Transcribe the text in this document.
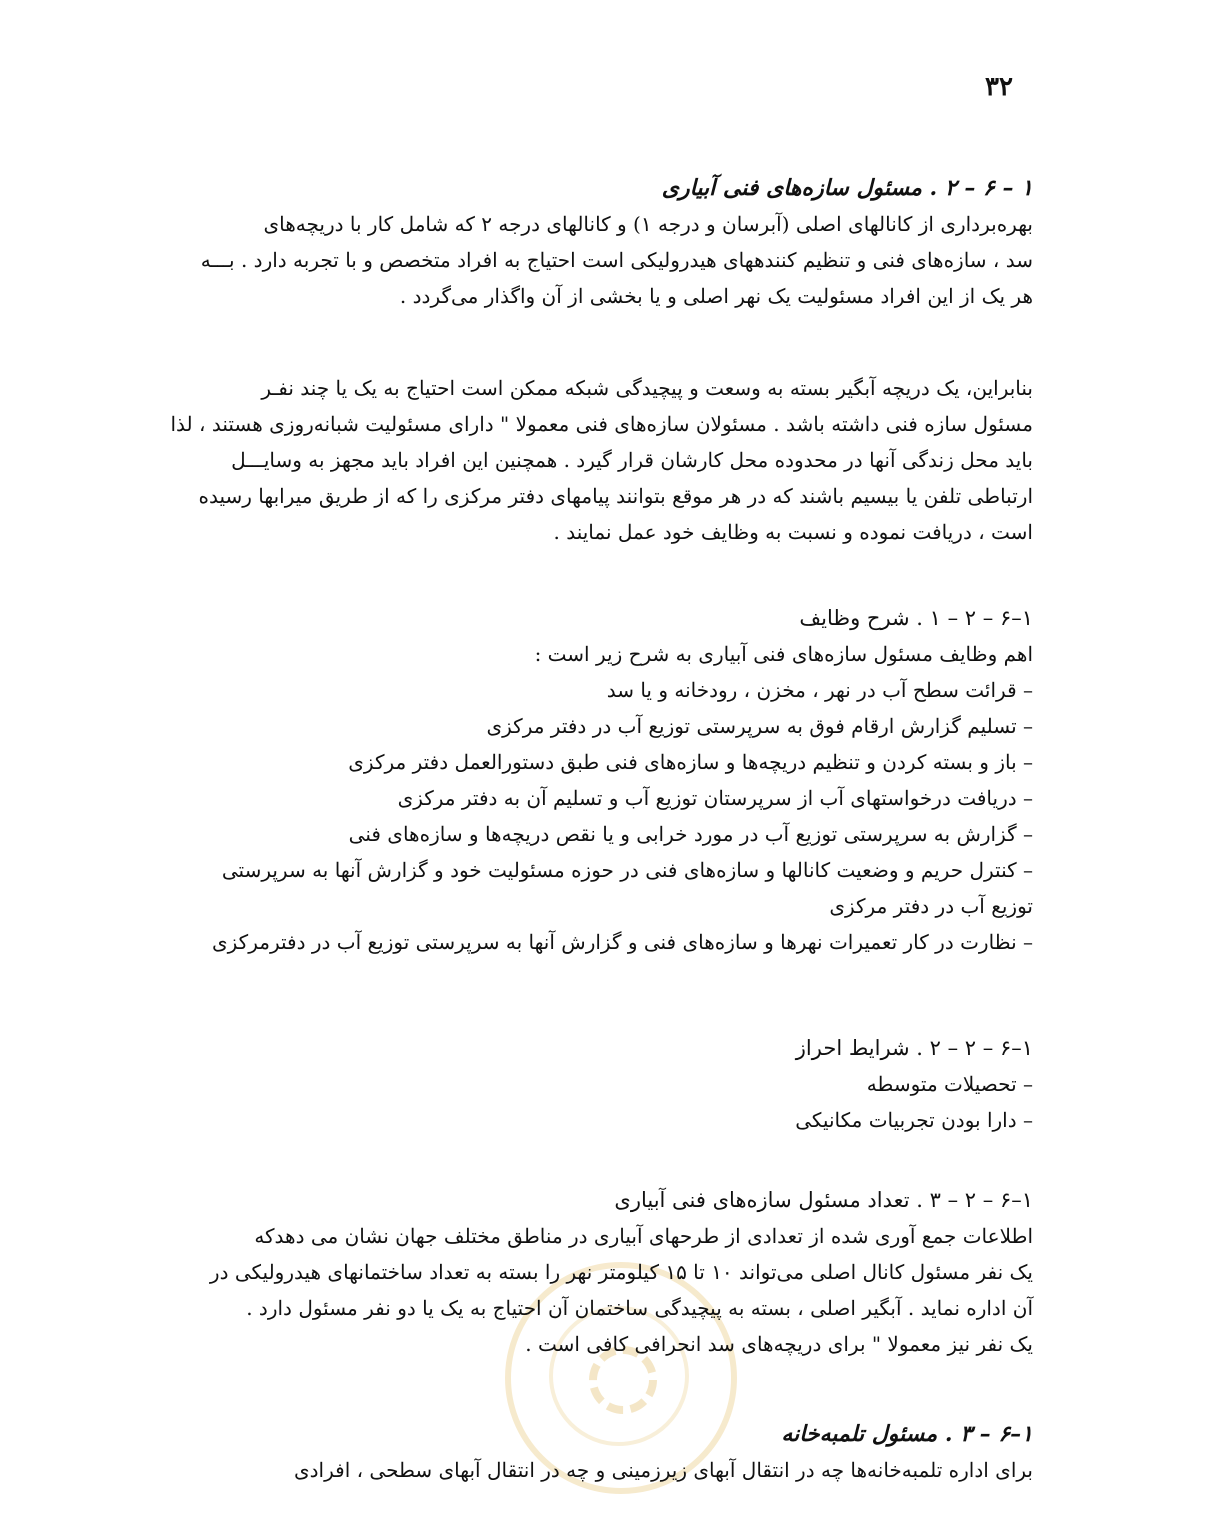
۳۲
۱ – ۶ – ۲ . مسئول سازه‌های فنی آبیاری
بهره‌برداری از کانالهای اصلی (آبرسان و درجه ۱) و کانالهای درجه ۲ که شامل کار با دریچه‌های
سد ، سازه‌های فنی و تنظیم کنندههای هیدرولیکی است احتیاج به افراد متخصص و با تجربه دارد . بـــه
هر یک از این افراد مسئولیت یک نهر اصلی و یا بخشی از آن واگذار می‌گردد .
بنابراین، یک دریچه آبگیر بسته به وسعت و پیچیدگی شبکه ممکن است احتیاج به یک یا چند نفـر
مسئول سازه فنی داشته باشد . مسئولان سازه‌های فنی معمولا " دارای مسئولیت شبانه‌روزی هستند ، لذا
باید محل زندگی آنها در محدوده محل کارشان قرار گیرد . همچنین این افراد باید مجهز به وسایـــل
ارتباطی تلفن یا بیسیم باشند که در هر موقع بتوانند پیامهای دفتر مرکزی را که از طریق میرابها رسیده
است ، دریافت نموده و نسبت به وظایف خود عمل نمایند .
۱–۶ – ۲ – ۱ . شرح وظایف
اهم وظایف مسئول سازه‌های فنی آبیاری به شرح زیر است :
– قرائت سطح آب در نهر ، مخزن ، رودخانه و یا سد
– تسلیم گزارش ارقام فوق به سرپرستی توزیع آب در دفتر مرکزی
– باز و بسته کردن و تنظیم دریچه‌ها و سازه‌های فنی طبق دستورالعمل دفتر مرکزی
– دریافت درخواستهای آب از سرپرستان توزیع آب و تسلیم آن به دفتر مرکزی
– گزارش به سرپرستی توزیع آب در مورد خرابی و یا نقص دریچه‌ها و سازه‌های فنی
– کنترل حریم و وضعیت کانالها و سازه‌های فنی در حوزه مسئولیت خود و گزارش آنها به سرپرستی
توزیع آب در دفتر مرکزی
– نظارت در کار تعمیرات نهرها و سازه‌های فنی و گزارش آنها به سرپرستی توزیع آب در دفترمرکزی
۱–۶ – ۲ – ۲ . شرایط احراز
– تحصیلات متوسطه
– دارا بودن تجربیات مکانیکی
۱–۶ – ۲ – ۳ . تعداد مسئول سازه‌های فنی آبیاری
اطلاعات جمع آوری شده از تعدادی از طرحهای آبیاری در مناطق مختلف جهان نشان می دهدکه
یک نفر مسئول کانال اصلی می‌تواند ۱۰ تا ۱۵ کیلومتر نهر را بسته به تعداد ساختمانهای هیدرولیکی در
آن اداره نماید . آبگیر اصلی ، بسته به پیچیدگی ساختمان آن احتیاج به یک یا دو نفر مسئول دارد .
یک نفر نیز معمولا " برای دریچه‌های سد انحرافی کافی است .
۱–۶ – ۳ . مسئول تلمبه‌خانه
برای اداره تلمبه‌خانه‌ها چه در انتقال آبهای زیرزمینی و چه در انتقال آبهای سطحی ، افرادی
